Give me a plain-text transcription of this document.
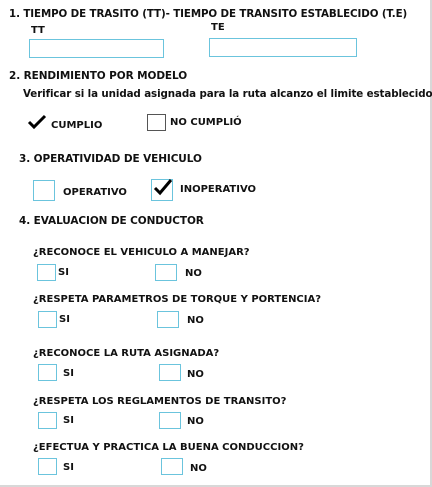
1. TIEMPO DE TRASITO (TT)- TIEMPO DE TRANSITO ESTABLECIDO (T.E)
TT	TE
2. RENDIMIENTO POR MODELO
Verificar si la unidad asignada para la ruta alcanzo el limite establecido
CUMPLIO	NO CUMPLIÓ
3. OPERATIVIDAD DE VEHICULO
OPERATIVO	INOPERATIVO
4. EVALUACION DE CONDUCTOR
¿RECONOCE EL VEHICULO A MANEJAR?
SI	NO
¿RESPETA PARAMETROS DE TORQUE Y PORTENCIA?
SI	NO
¿RECONOCE LA RUTA ASIGNADA?
SI	NO
¿RESPETA LOS REGLAMENTOS DE TRANSITO?
SI	NO
¿EFECTUA Y PRACTICA LA BUENA CONDUCCION?
SI	NO
